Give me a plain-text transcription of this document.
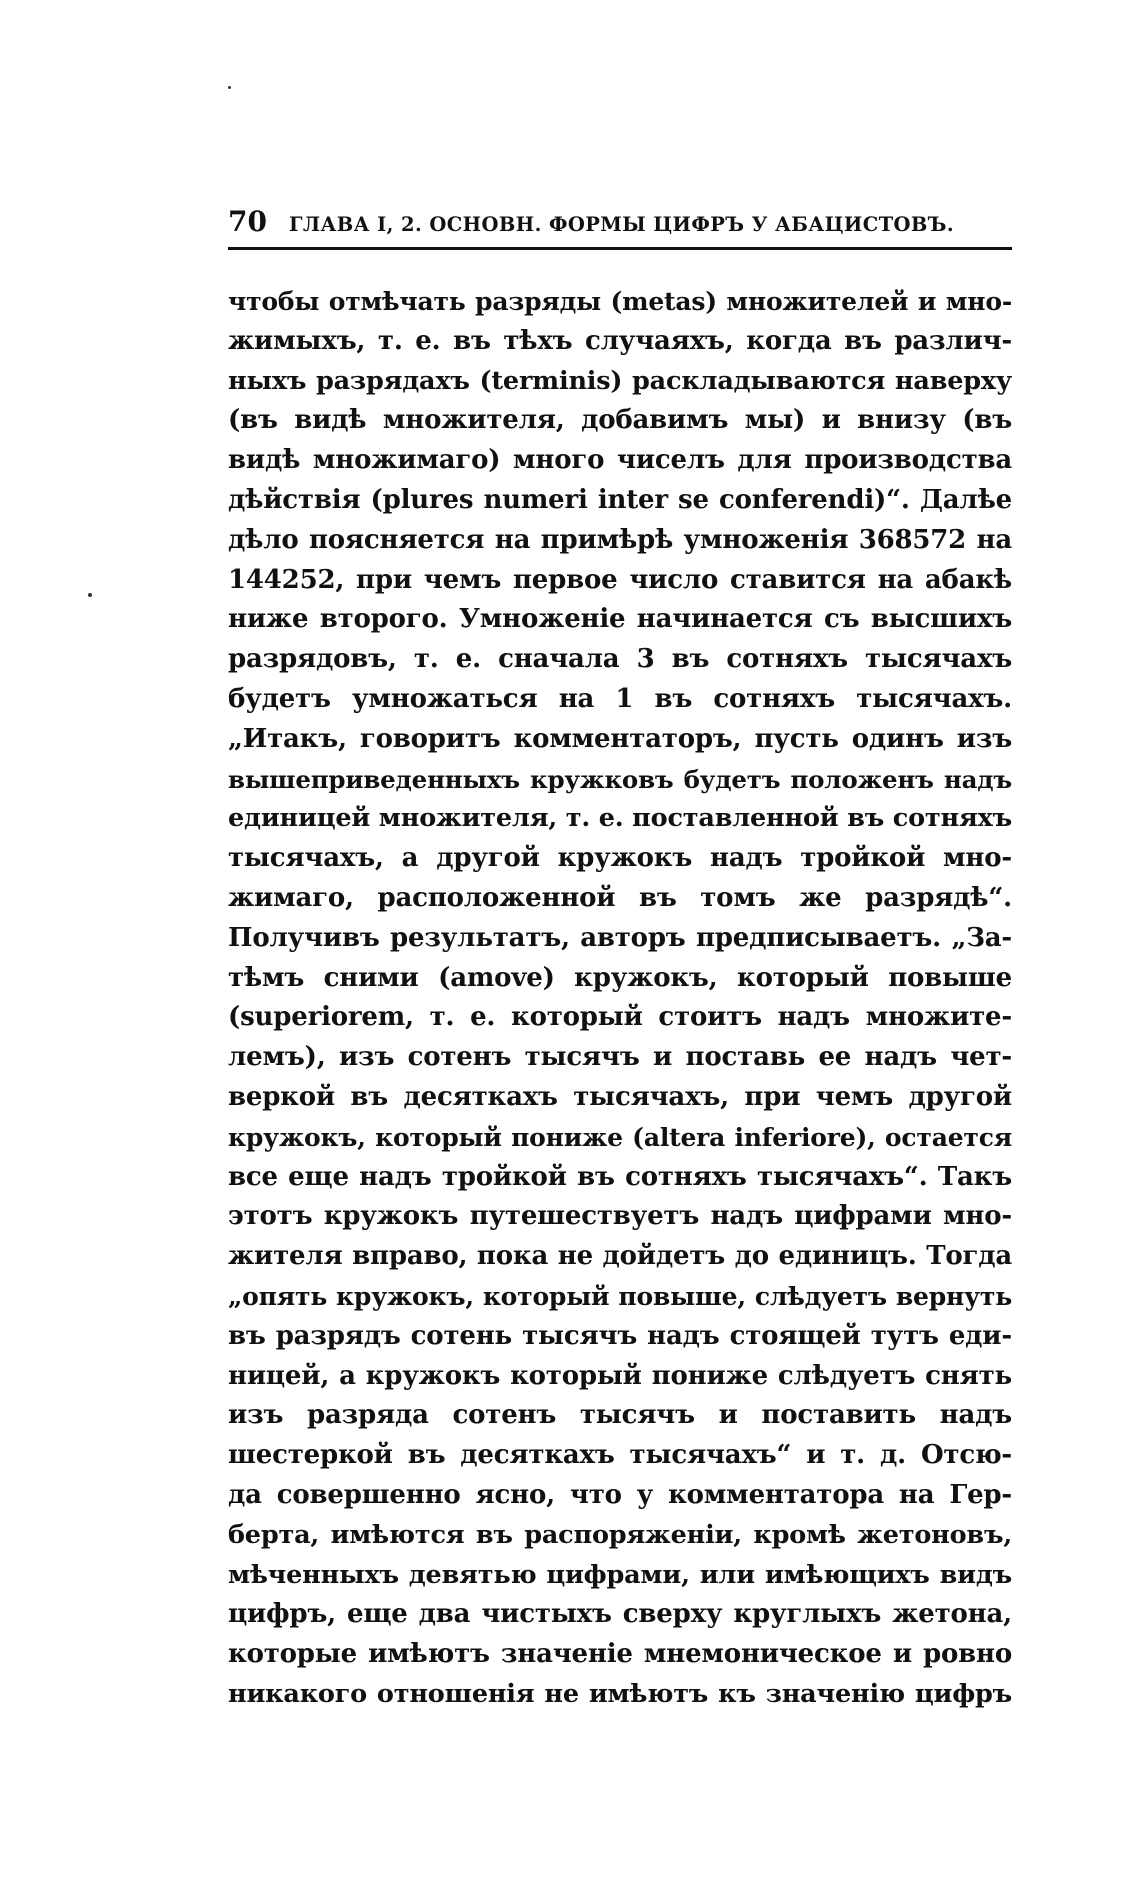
70 ГЛАВА I, 2. ОСНОВН. ФОРМЫ ЦИФРЪ У АБАЦИСТОВЪ.
чтобы отмѣчать разряды (metas) множителей и мно-
жимыхъ, т. е. въ тѣхъ случаяхъ, когда въ различ-
ныхъ разрядахъ (terminis) раскладываются наверху
(въ видѣ множителя, добавимъ мы) и внизу (въ
видѣ множимаго) много чиселъ для производства
дѣйствія (plures numeri inter se conferendi)“. Далѣе
дѣло поясняется на примѣрѣ умноженія 368572 на
144252, при чемъ первое число ставится на абакѣ
ниже второго. Умноженіе начинается съ высшихъ
разрядовъ, т. е. сначала 3 въ сотняхъ тысячахъ
будетъ умножаться на 1 въ сотняхъ тысячахъ.
„Итакъ, говоритъ комментаторъ, пусть одинъ изъ
вышеприведенныхъ кружковъ будетъ положенъ надъ
единицей множителя, т. е. поставленной въ сотняхъ
тысячахъ, а другой кружокъ надъ тройкой мно-
жимаго, расположенной въ томъ же разрядѣ“.
Получивъ результатъ, авторъ предписываетъ. „За-
тѣмъ сними (amove) кружокъ, который повыше
(superiorem, т. е. который стоитъ надъ множите-
лемъ), изъ сотенъ тысячъ и поставь ее надъ чет-
веркой въ десяткахъ тысячахъ, при чемъ другой
кружокъ, который пониже (altera inferiore), остается
все еще надъ тройкой въ сотняхъ тысячахъ“. Такъ
этотъ кружокъ путешествуетъ надъ цифрами мно-
жителя вправо, пока не дойдетъ до единицъ. Тогда
„опять кружокъ, который повыше, слѣдуетъ вернуть
въ разрядъ сотень тысячъ надъ стоящей тутъ еди-
ницей, а кружокъ который пониже слѣдуетъ снять
изъ разряда сотенъ тысячъ и поставить надъ
шестеркой въ десяткахъ тысячахъ“ и т. д. Отсю-
да совершенно ясно, что у комментатора на Гер-
берта, имѣются въ распоряженіи, кромѣ жетоновъ,
мѣченныхъ девятью цифрами, или имѣющихъ видъ
цифръ, еще два чистыхъ сверху круглыхъ жетона,
которые имѣютъ значеніе мнемоническое и ровно
никакого отношенія не имѣютъ къ значенію цифръ
